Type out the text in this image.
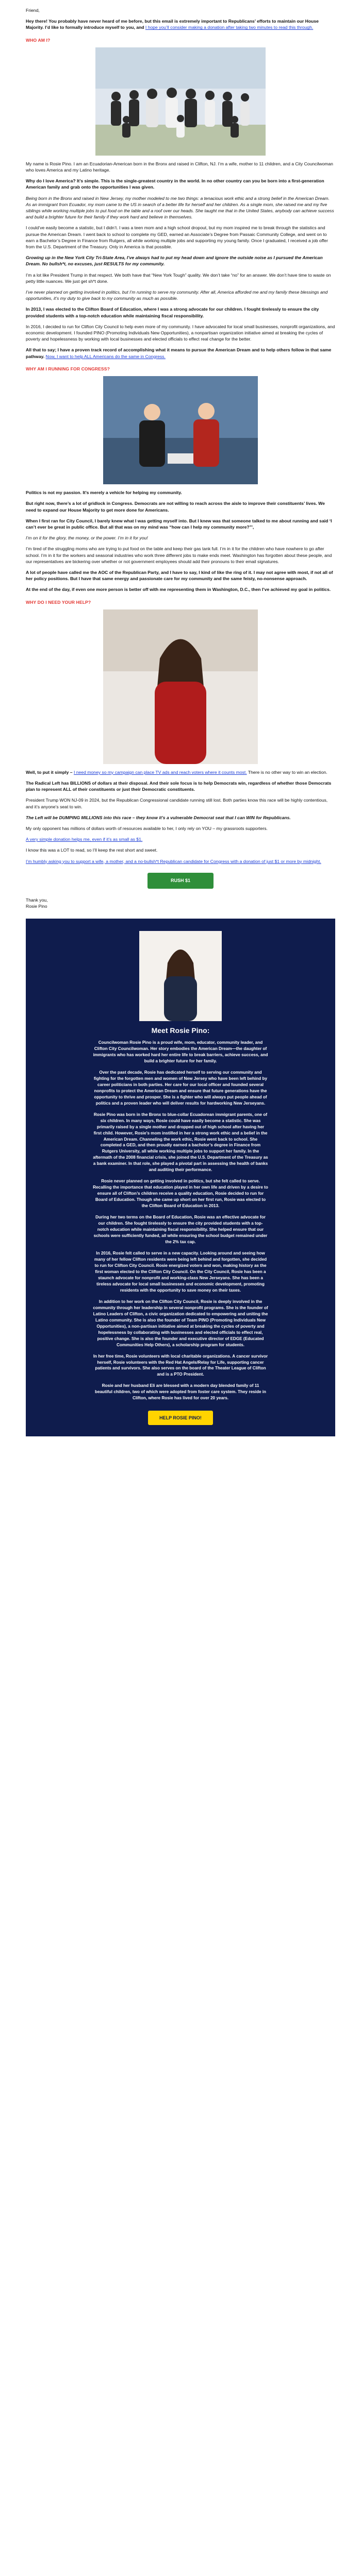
Friend,

Hey there! You probably have never heard of me before, but this email is extremely important to Republicans’ efforts to maintain our House Majority. I’d like to formally introduce myself to you, and I hope you’ll consider making a donation after taking two minutes to read this through.

WHO AM I?

My name is Rosie Pino. I am an Ecuadorian-American born in the Bronx and raised in Clifton, NJ. I’m a wife, mother to 11 children, and a City Councilwoman who loves America and my Latino heritage.

Why do I love America? It’s simple. This is the single-greatest country in the world. In no other country can you be born into a first-generation American family and grab onto the opportunities I was given.

Being born in the Bronx and raised in New Jersey, my mother modeled to me two things: a tenacious work ethic and a strong belief in the American Dream. As an immigrant from Ecuador, my mom came to the US in search of a better life for herself and her children. As a single mom, she raised me and my five siblings while working multiple jobs to put food on the table and a roof over our heads. She taught me that in the United States, anybody can achieve success and build a brighter future for their family if they work hard and believe in themselves.

I could’ve easily become a statistic, but I didn’t. I was a teen mom and a high school dropout, but my mom inspired me to break through the statistics and pursue the American Dream. I went back to school to complete my GED, earned an Associate’s Degree from Passaic Community College, and went on to earn a Bachelor’s Degree in Finance from Rutgers, all while working multiple jobs and supporting my young family. Once I graduated, I received a job offer from the U.S. Department of the Treasury. Only in America is that possible.

Growing up in the New York City Tri-State Area, I’ve always had to put my head down and ignore the outside noise as I pursued the American Dream. No bullsh*t, no excuses, just RESULTS for my community.

I’m a lot like President Trump in that respect. We both have that “New York Tough” quality. We don’t take “no” for an answer. We don’t have time to waste on petty little nuances. We just get sh*t done.

I’ve never planned on getting involved in politics, but I’m running to serve my community. After all, America afforded me and my family these blessings and opportunities, it’s my duty to give back to my community as much as possible.

In 2013, I was elected to the Clifton Board of Education, where I was a strong advocate for our children. I fought tirelessly to ensure the city provided students with a top-notch education while maintaining fiscal responsibility.

In 2016, I decided to run for Clifton City Council to help even more of my community. I have advocated for local small businesses, nonprofit organizations, and economic development. I founded PINO (Promoting Individuals New Opportunities), a nonpartisan organization initiative aimed at breaking the cycles of poverty and hopelessness by working with local businesses and elected officials to effect real change for the better.

All that to say; I have a proven track record of accomplishing what it means to pursue the American Dream and to help others follow in that same pathway. Now, I want to help ALL Americans do the same in Congress.

WHY AM I RUNNING FOR CONGRESS?

Politics is not my passion. It’s merely a vehicle for helping my community.

But right now, there’s a lot of gridlock in Congress. Democrats are not willing to reach across the aisle to improve their constituents’ lives. We need to expand our House Majority to get more done for Americans.

When I first ran for City Council, I barely knew what I was getting myself into. But I knew was that someone talked to me about running and said ‘I can’t ever be great in public office. But all that was on my mind was “how can I help my community more?”',

I’m on it for the glory, the money, or the power. I’m in it for you!

I’m tired of the struggling moms who are trying to put food on the table and keep their gas tank full. I’m in it for the children who have nowhere to go after school. I’m in it for the workers and seasonal industries who work three different jobs to make ends meet. Washington has forgotten about these people, and our representatives are bickering over whether or not government employees should add their pronouns to their email signatures.

A lot of people have called me the AOC of the Republican Party, and I have to say, I kind of like the ring of it. I may not agree with most, if not all of her policy positions. But I have that same energy and passionate care for my community and the same feisty, no-nonsense approach.

At the end of the day, if even one more person is better off with me representing them in Washington, D.C., then I’ve achieved my goal in politics.

WHY DO I NEED YOUR HELP?

Well, to put it simply – I need money so my campaign can place TV ads and reach voters where it counts most. There is no other way to win an election.

The Radical Left has BILLIONS of dollars at their disposal. And their sole focus is to help Democrats win, regardless of whether those Democrats plan to represent ALL of their constituents or just their Democratic constituents.

President Trump WON NJ-09 in 2024, but the Republican Congressional candidate running still lost. Both parties know this race will be highly contentious, and it’s anyone’s seat to win.

The Left will be DUMPING MILLIONS into this race – they know it’s a vulnerable Democrat seat that I can WIN for Republicans.

My only opponent has millions of dollars worth of resources available to her, I only rely on YOU – my grassroots supporters.

A very simple donation helps me, even if it’s as small as $1.

I know this was a LOT to read, so I’ll keep the rest short and sweet.

I’m humbly asking you to support a wife, a mother, and a no-bullsh*t Republican candidate for Congress with a donation of just $1 or more by midnight.

RUSH $1
Thank you,
Rosie Pino
Meet Rosie Pino:

Councilwoman Rosie Pino is a proud wife, mom, educator, community leader, and Clifton City Councilwoman. Her story embodies the American Dream—the daughter of immigrants who has worked hard her entire life to break barriers, achieve success, and build a brighter future for her family.

Over the past decade, Rosie has dedicated herself to serving our community and fighting for the forgotten men and women of New Jersey who have been left behind by career politicians in both parties. Her care for our local officer and founded several nonprofits to protect the American Dream and ensure that future generations have the opportunity to thrive and prosper. She is a fighter who will always put people ahead of politics and a proven leader who will deliver results for hardworking New Jerseyans.

Rosie Pino was born in the Bronx to blue-collar Ecuadorean immigrant parents, one of six children. In many ways, Rosie could have easily become a statistic. She was primarily raised by a single mother and dropped out of high school after having her first child. However, Rosie’s mom instilled in her a strong work ethic and a belief in the American Dream. Channeling the work ethic, Rosie went back to school. She completed a GED, and then proudly earned a bachelor’s degree in Finance from Rutgers University, all while working multiple jobs to support her family. In the aftermath of the 2008 financial crisis, she joined the U.S. Department of the Treasury as a bank examiner. In that role, she played a pivotal part in assessing the health of banks and auditing their performance.

Rosie never planned on getting involved in politics, but she felt called to serve. Recalling the importance that education played in her own life and driven by a desire to ensure all of Clifton’s children receive a quality education, Rosie decided to run for Board of Education. Though she came up short on her first run, Rosie was elected to the Clifton Board of Education in 2013.

During her two terms on the Board of Education, Rosie was an effective advocate for our children. She fought tirelessly to ensure the city provided students with a top-notch education while maintaining fiscal responsibility. She helped ensure that our schools were sufficiently funded, all while ensuring the school budget remained under the 2% tax cap.

In 2016, Rosie felt called to serve in a new capacity. Looking around and seeing how many of her fellow Clifton residents were being left behind and forgotten, she decided to run for Clifton City Council. Rosie energized voters and won, making history as the first woman elected to the Clifton City Council. On the City Council, Rosie has been a staunch advocate for nonprofit and working-class New Jerseyans. She has been a tireless advocate for local small businesses and economic development, promoting residents with the opportunity to save money on their taxes.

In addition to her work on the Clifton City Council, Rosie is deeply involved in the community through her leadership in several nonprofit programs. She is the founder of Latino Leaders of Clifton, a civic organization dedicated to empowering and uniting the Latino community. She is also the founder of Team PINO (Promoting Individuals New Opportunities), a non-partisan initiative aimed at breaking the cycles of poverty and hopelessness by collaborating with businesses and elected officials to effect real, positive change. She is also the founder and executive director of EDGE (Educated Communities Help Others), a scholarship program for students.

In her free time, Rosie volunteers with local charitable organizations. A cancer survivor herself, Rosie volunteers with the Red Hat Angels/Relay for Life, supporting cancer patients and survivors. She also serves on the board of the Theater League of Clifton and is a PTO President.

Rosie and her husband Eli are blessed with a modern day blended family of 11 beautiful children, two of which were adopted from foster care system. They reside in Clifton, where Rosie has lived for over 20 years.

HELP ROSIE PINO!
